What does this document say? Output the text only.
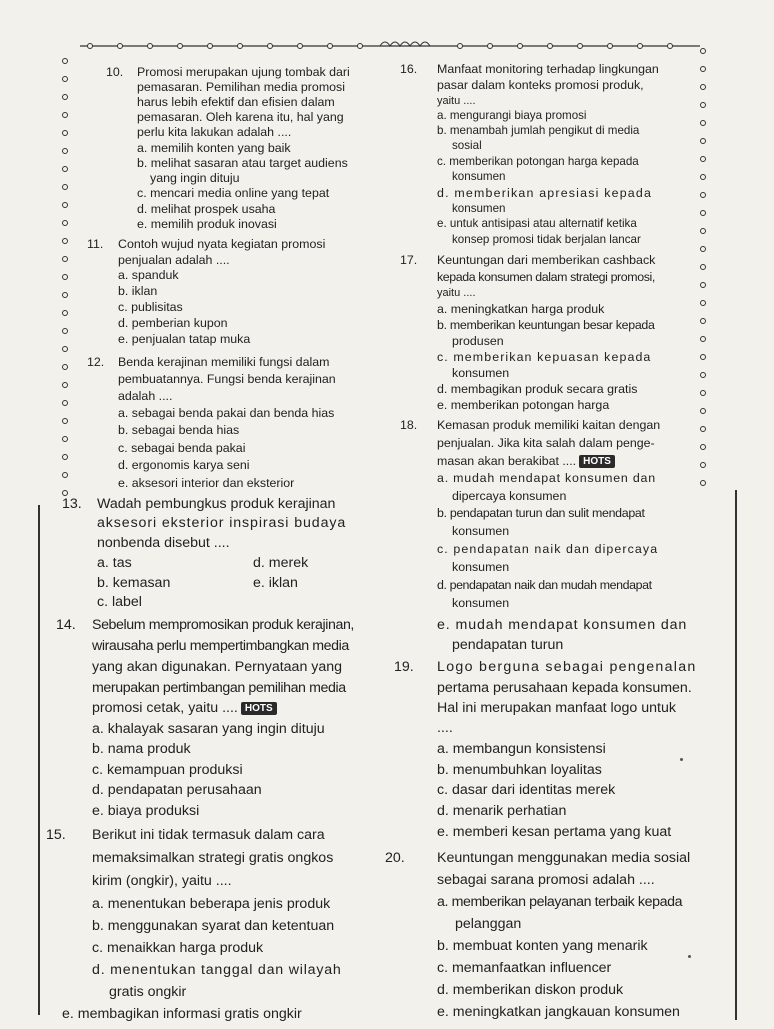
10. Promosi merupakan ujung tombak dari
pemasaran. Pemilihan media promosi
harus lebih efektif dan efisien dalam
pemasaran. Oleh karena itu, hal yang
perlu kita lakukan adalah ....
a. memilih konten yang baik
b. melihat sasaran atau target audiens
yang ingin dituju
c. mencari media online yang tepat
d. melihat prospek usaha
e. memilih produk inovasi
11. Contoh wujud nyata kegiatan promosi
penjualan adalah ....
a. spanduk
b. iklan
c. publisitas
d. pemberian kupon
e. penjualan tatap muka
12. Benda kerajinan memiliki fungsi dalam
pembuatannya. Fungsi benda kerajinan
adalah ....
a. sebagai benda pakai dan benda hias
b. sebagai benda hias
c. sebagai benda pakai
d. ergonomis karya seni
e. aksesori interior dan eksterior
13. Wadah pembungkus produk kerajinan
aksesori eksterior inspirasi budaya
nonbenda disebut ....
a. tas	d. merek
b. kemasan	e. iklan
c. label
14. Sebelum mempromosikan produk kerajinan,
wirausaha perlu mempertimbangkan media
yang akan digunakan. Pernyataan yang
merupakan pertimbangan pemilihan media
promosi cetak, yaitu .... HOTS
a. khalayak sasaran yang ingin dituju
b. nama produk
c. kemampuan produksi
d. pendapatan perusahaan
e. biaya produksi
15. Berikut ini tidak termasuk dalam cara
memaksimalkan strategi gratis ongkos
kirim (ongkir), yaitu ....
a. menentukan beberapa jenis produk
b. menggunakan syarat dan ketentuan
c. menaikkan harga produk
d. menentukan tanggal dan wilayah
gratis ongkir
e. membagikan informasi gratis ongkir
16. Manfaat monitoring terhadap lingkungan
pasar dalam konteks promosi produk,
yaitu ....
a. mengurangi biaya promosi
b. menambah jumlah pengikut di media
sosial
c. memberikan potongan harga kepada
konsumen
d. memberikan apresiasi kepada
konsumen
e. untuk antisipasi atau alternatif ketika
konsep promosi tidak berjalan lancar
17. Keuntungan dari memberikan cashback
kepada konsumen dalam strategi promosi,
yaitu ....
a. meningkatkan harga produk
b. memberikan keuntungan besar kepada
produsen
c. memberikan kepuasan kepada
konsumen
d. membagikan produk secara gratis
e. memberikan potongan harga
18. Kemasan produk memiliki kaitan dengan
penjualan. Jika kita salah dalam penge-
masan akan berakibat .... HOTS
a. mudah mendapat konsumen dan
dipercaya konsumen
b. pendapatan turun dan sulit mendapat
konsumen
c. pendapatan naik dan dipercaya
konsumen
d. pendapatan naik dan mudah mendapat
konsumen
e. mudah mendapat konsumen dan
pendapatan turun
19. Logo berguna sebagai pengenalan
pertama perusahaan kepada konsumen.
Hal ini merupakan manfaat logo untuk
....
a. membangun konsistensi
b. menumbuhkan loyalitas
c. dasar dari identitas merek
d. menarik perhatian
e. memberi kesan pertama yang kuat
20. Keuntungan menggunakan media sosial
sebagai sarana promosi adalah ....
a. memberikan pelayanan terbaik kepada
pelanggan
b. membuat konten yang menarik
c. memanfaatkan influencer
d. memberikan diskon produk
e. meningkatkan jangkauan konsumen
